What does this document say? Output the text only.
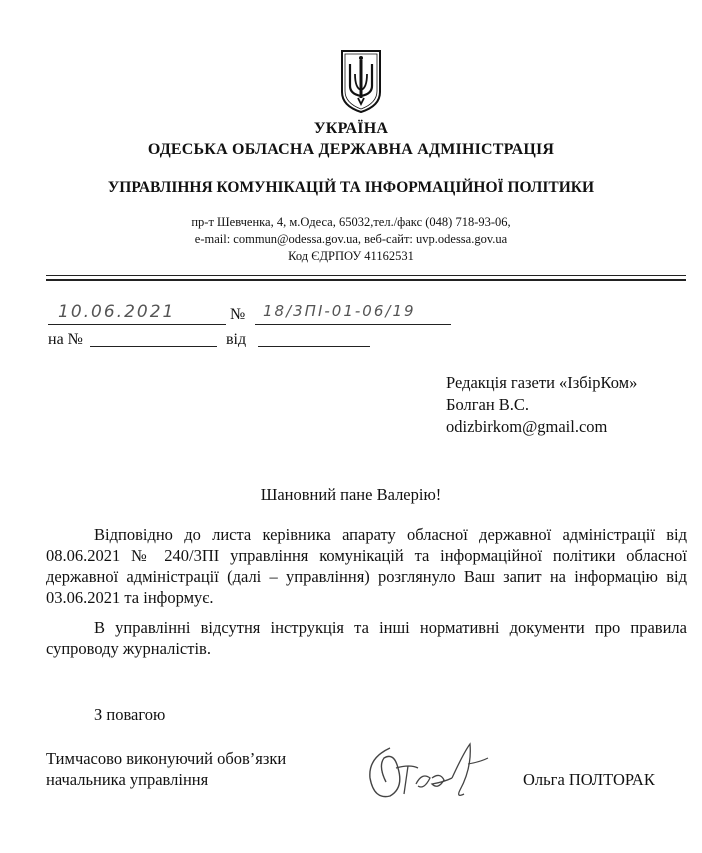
УКРАЇНА
ОДЕСЬКА ОБЛАСНА ДЕРЖАВНА АДМІНІСТРАЦІЯ
УПРАВЛІННЯ КОМУНІКАЦІЙ ТА ІНФОРМАЦІЙНОЇ ПОЛІТИКИ
пр-т Шевченка, 4, м.Одеса, 65032,тел./факс (048) 718-93-06,
e-mail: commun@odessa.gov.ua, веб-сайт: uvp.odessa.gov.ua
Код ЄДРПОУ 41162531
10.06.2021	№ 18/3ПІ-01-06/19
на №	від
Редакція газети «ІзбірКом»
Болган В.С.
odizbirkom@gmail.com
Шановний пане Валерію!
Відповідно до листа керівника апарату обласної державної адміністрації від 08.06.2021 № 240/3ПІ управління комунікацій та інформаційної політики обласної державної адміністрації (далі – управління) розглянуло Ваш запит на інформацію від 03.06.2021 та інформує.
В управлінні відсутня інструкція та інші нормативні документи про правила супроводу журналістів.
З повагою
Тимчасово виконуючий обов’язки
начальника управління	Ольга ПОЛТОРАК
